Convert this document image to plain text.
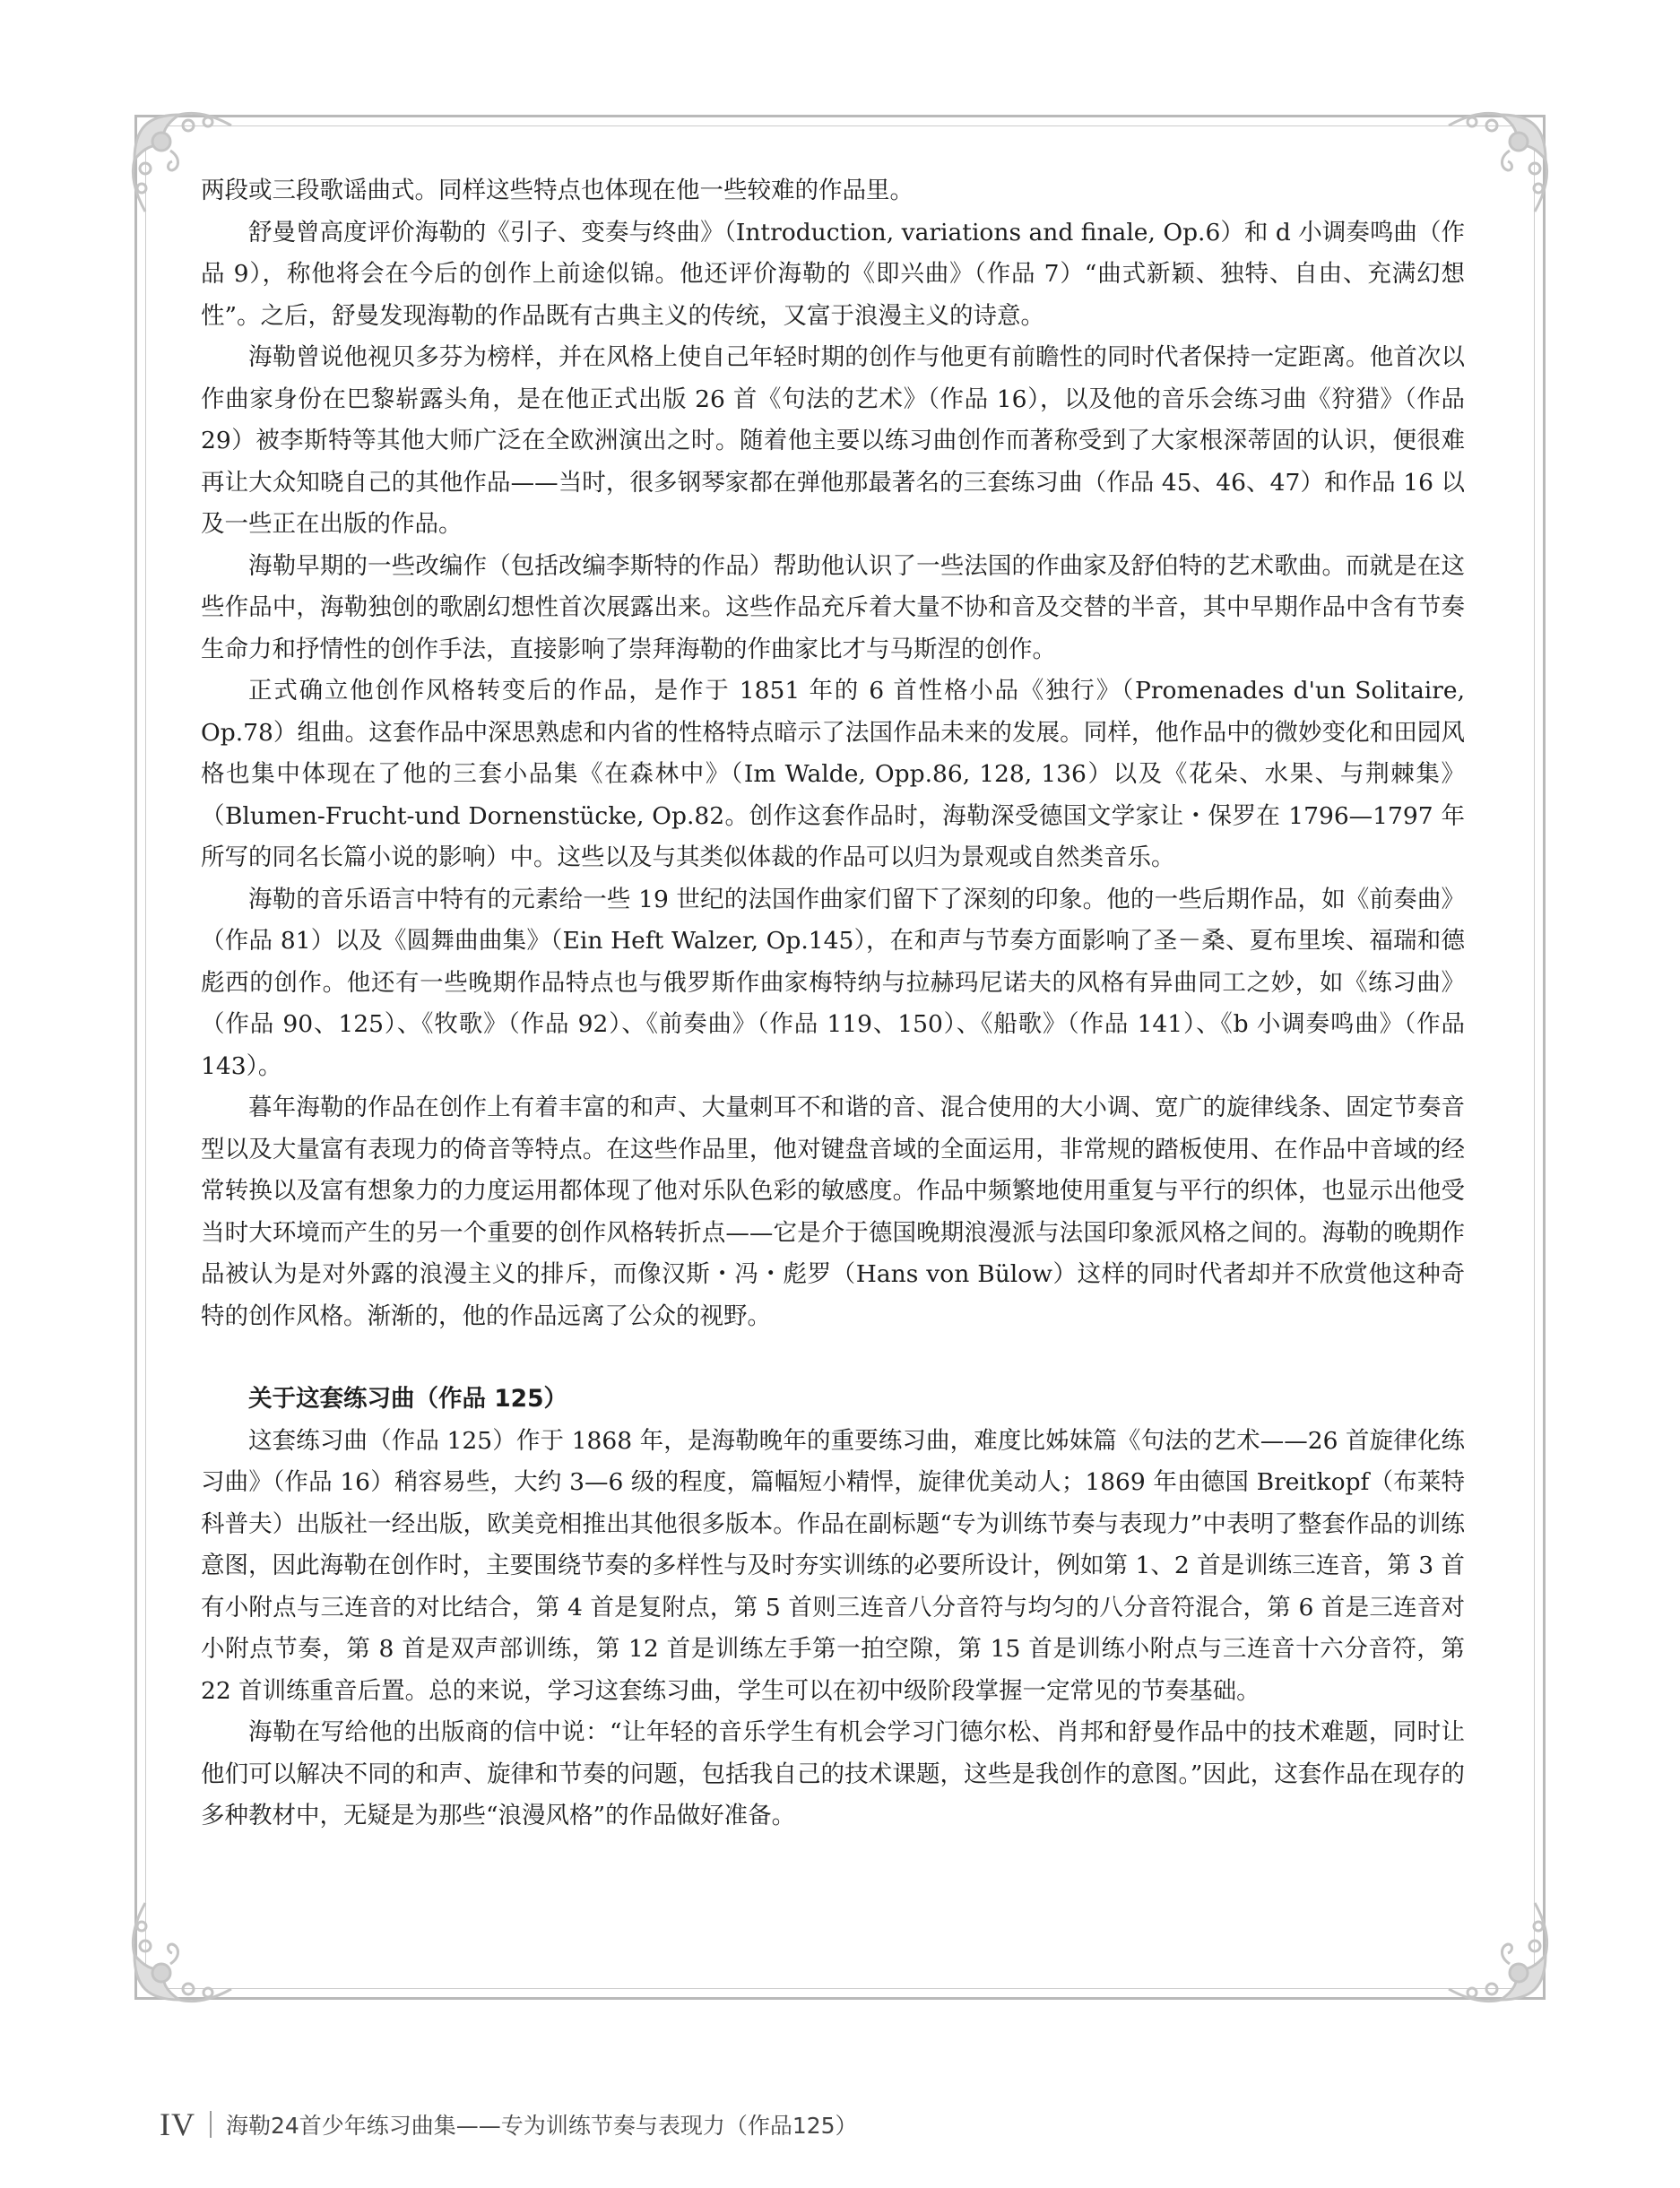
两段或三段歌谣曲式。同样这些特点也体现在他一些较难的作品里。

舒曼曾高度评价海勒的《引子、变奏与终曲》（Introduction, variations and finale, Op.6）和 d 小调奏鸣曲（作品 9），称他将会在今后的创作上前途似锦。他还评价海勒的《即兴曲》（作品 7）“曲式新颖、独特、自由、充满幻想性”。之后，舒曼发现海勒的作品既有古典主义的传统，又富于浪漫主义的诗意。

海勒曾说他视贝多芬为榜样，并在风格上使自己年轻时期的创作与他更有前瞻性的同时代者保持一定距离。他首次以作曲家身份在巴黎崭露头角，是在他正式出版 26 首《句法的艺术》（作品 16），以及他的音乐会练习曲《狩猎》（作品 29）被李斯特等其他大师广泛在全欧洲演出之时。随着他主要以练习曲创作而著称受到了大家根深蒂固的认识，便很难再让大众知晓自己的其他作品——当时，很多钢琴家都在弹他那最著名的三套练习曲（作品 45、46、47）和作品 16 以及一些正在出版的作品。

海勒早期的一些改编作（包括改编李斯特的作品）帮助他认识了一些法国的作曲家及舒伯特的艺术歌曲。而就是在这些作品中，海勒独创的歌剧幻想性首次展露出来。这些作品充斥着大量不协和音及交替的半音，其中早期作品中含有节奏生命力和抒情性的创作手法，直接影响了崇拜海勒的作曲家比才与马斯涅的创作。

正式确立他创作风格转变后的作品，是作于 1851 年的 6 首性格小品《独行》（Promenades d'un Solitaire, Op.78）组曲。这套作品中深思熟虑和内省的性格特点暗示了法国作品未来的发展。同样，他作品中的微妙变化和田园风格也集中体现在了他的三套小品集《在森林中》（Im Walde, Opp.86, 128, 136）以及《花朵、水果、与荆棘集》（Blumen-Frucht-und Dornenstücke, Op.82。创作这套作品时，海勒深受德国文学家让・保罗在 1796—1797 年所写的同名长篇小说的影响）中。这些以及与其类似体裁的作品可以归为景观或自然类音乐。

海勒的音乐语言中特有的元素给一些 19 世纪的法国作曲家们留下了深刻的印象。他的一些后期作品，如《前奏曲》（作品 81）以及《圆舞曲曲集》（Ein Heft Walzer, Op.145），在和声与节奏方面影响了圣－桑、夏布里埃、福瑞和德彪西的创作。他还有一些晚期作品特点也与俄罗斯作曲家梅特纳与拉赫玛尼诺夫的风格有异曲同工之妙，如《练习曲》（作品 90、125）、《牧歌》（作品 92）、《前奏曲》（作品 119、150）、《船歌》（作品 141）、《b 小调奏鸣曲》（作品 143）。

暮年海勒的作品在创作上有着丰富的和声、大量刺耳不和谐的音、混合使用的大小调、宽广的旋律线条、固定节奏音型以及大量富有表现力的倚音等特点。在这些作品里，他对键盘音域的全面运用，非常规的踏板使用、在作品中音域的经常转换以及富有想象力的力度运用都体现了他对乐队色彩的敏感度。作品中频繁地使用重复与平行的织体，也显示出他受当时大环境而产生的另一个重要的创作风格转折点——它是介于德国晚期浪漫派与法国印象派风格之间的。海勒的晚期作品被认为是对外露的浪漫主义的排斥，而像汉斯・冯・彪罗（Hans von Bülow）这样的同时代者却并不欣赏他这种奇特的创作风格。渐渐的，他的作品远离了公众的视野。

关于这套练习曲（作品 125）

这套练习曲（作品 125）作于 1868 年，是海勒晚年的重要练习曲，难度比姊妹篇《句法的艺术——26 首旋律化练习曲》（作品 16）稍容易些，大约 3—6 级的程度，篇幅短小精悍，旋律优美动人；1869 年由德国 Breitkopf（布莱特科普夫）出版社一经出版，欧美竞相推出其他很多版本。作品在副标题“专为训练节奏与表现力”中表明了整套作品的训练意图，因此海勒在创作时，主要围绕节奏的多样性与及时夯实训练的必要所设计，例如第 1、2 首是训练三连音，第 3 首有小附点与三连音的对比结合，第 4 首是复附点，第 5 首则三连音八分音符与均匀的八分音符混合，第 6 首是三连音对小附点节奏，第 8 首是双声部训练，第 12 首是训练左手第一拍空隙，第 15 首是训练小附点与三连音十六分音符，第 22 首训练重音后置。总的来说，学习这套练习曲，学生可以在初中级阶段掌握一定常见的节奏基础。

海勒在写给他的出版商的信中说：“让年轻的音乐学生有机会学习门德尔松、肖邦和舒曼作品中的技术难题，同时让他们可以解决不同的和声、旋律和节奏的问题，包括我自己的技术课题，这些是我创作的意图。”因此，这套作品在现存的多种教材中，无疑是为那些“浪漫风格”的作品做好准备。

IV 海勒24首少年练习曲集——专为训练节奏与表现力（作品125）
